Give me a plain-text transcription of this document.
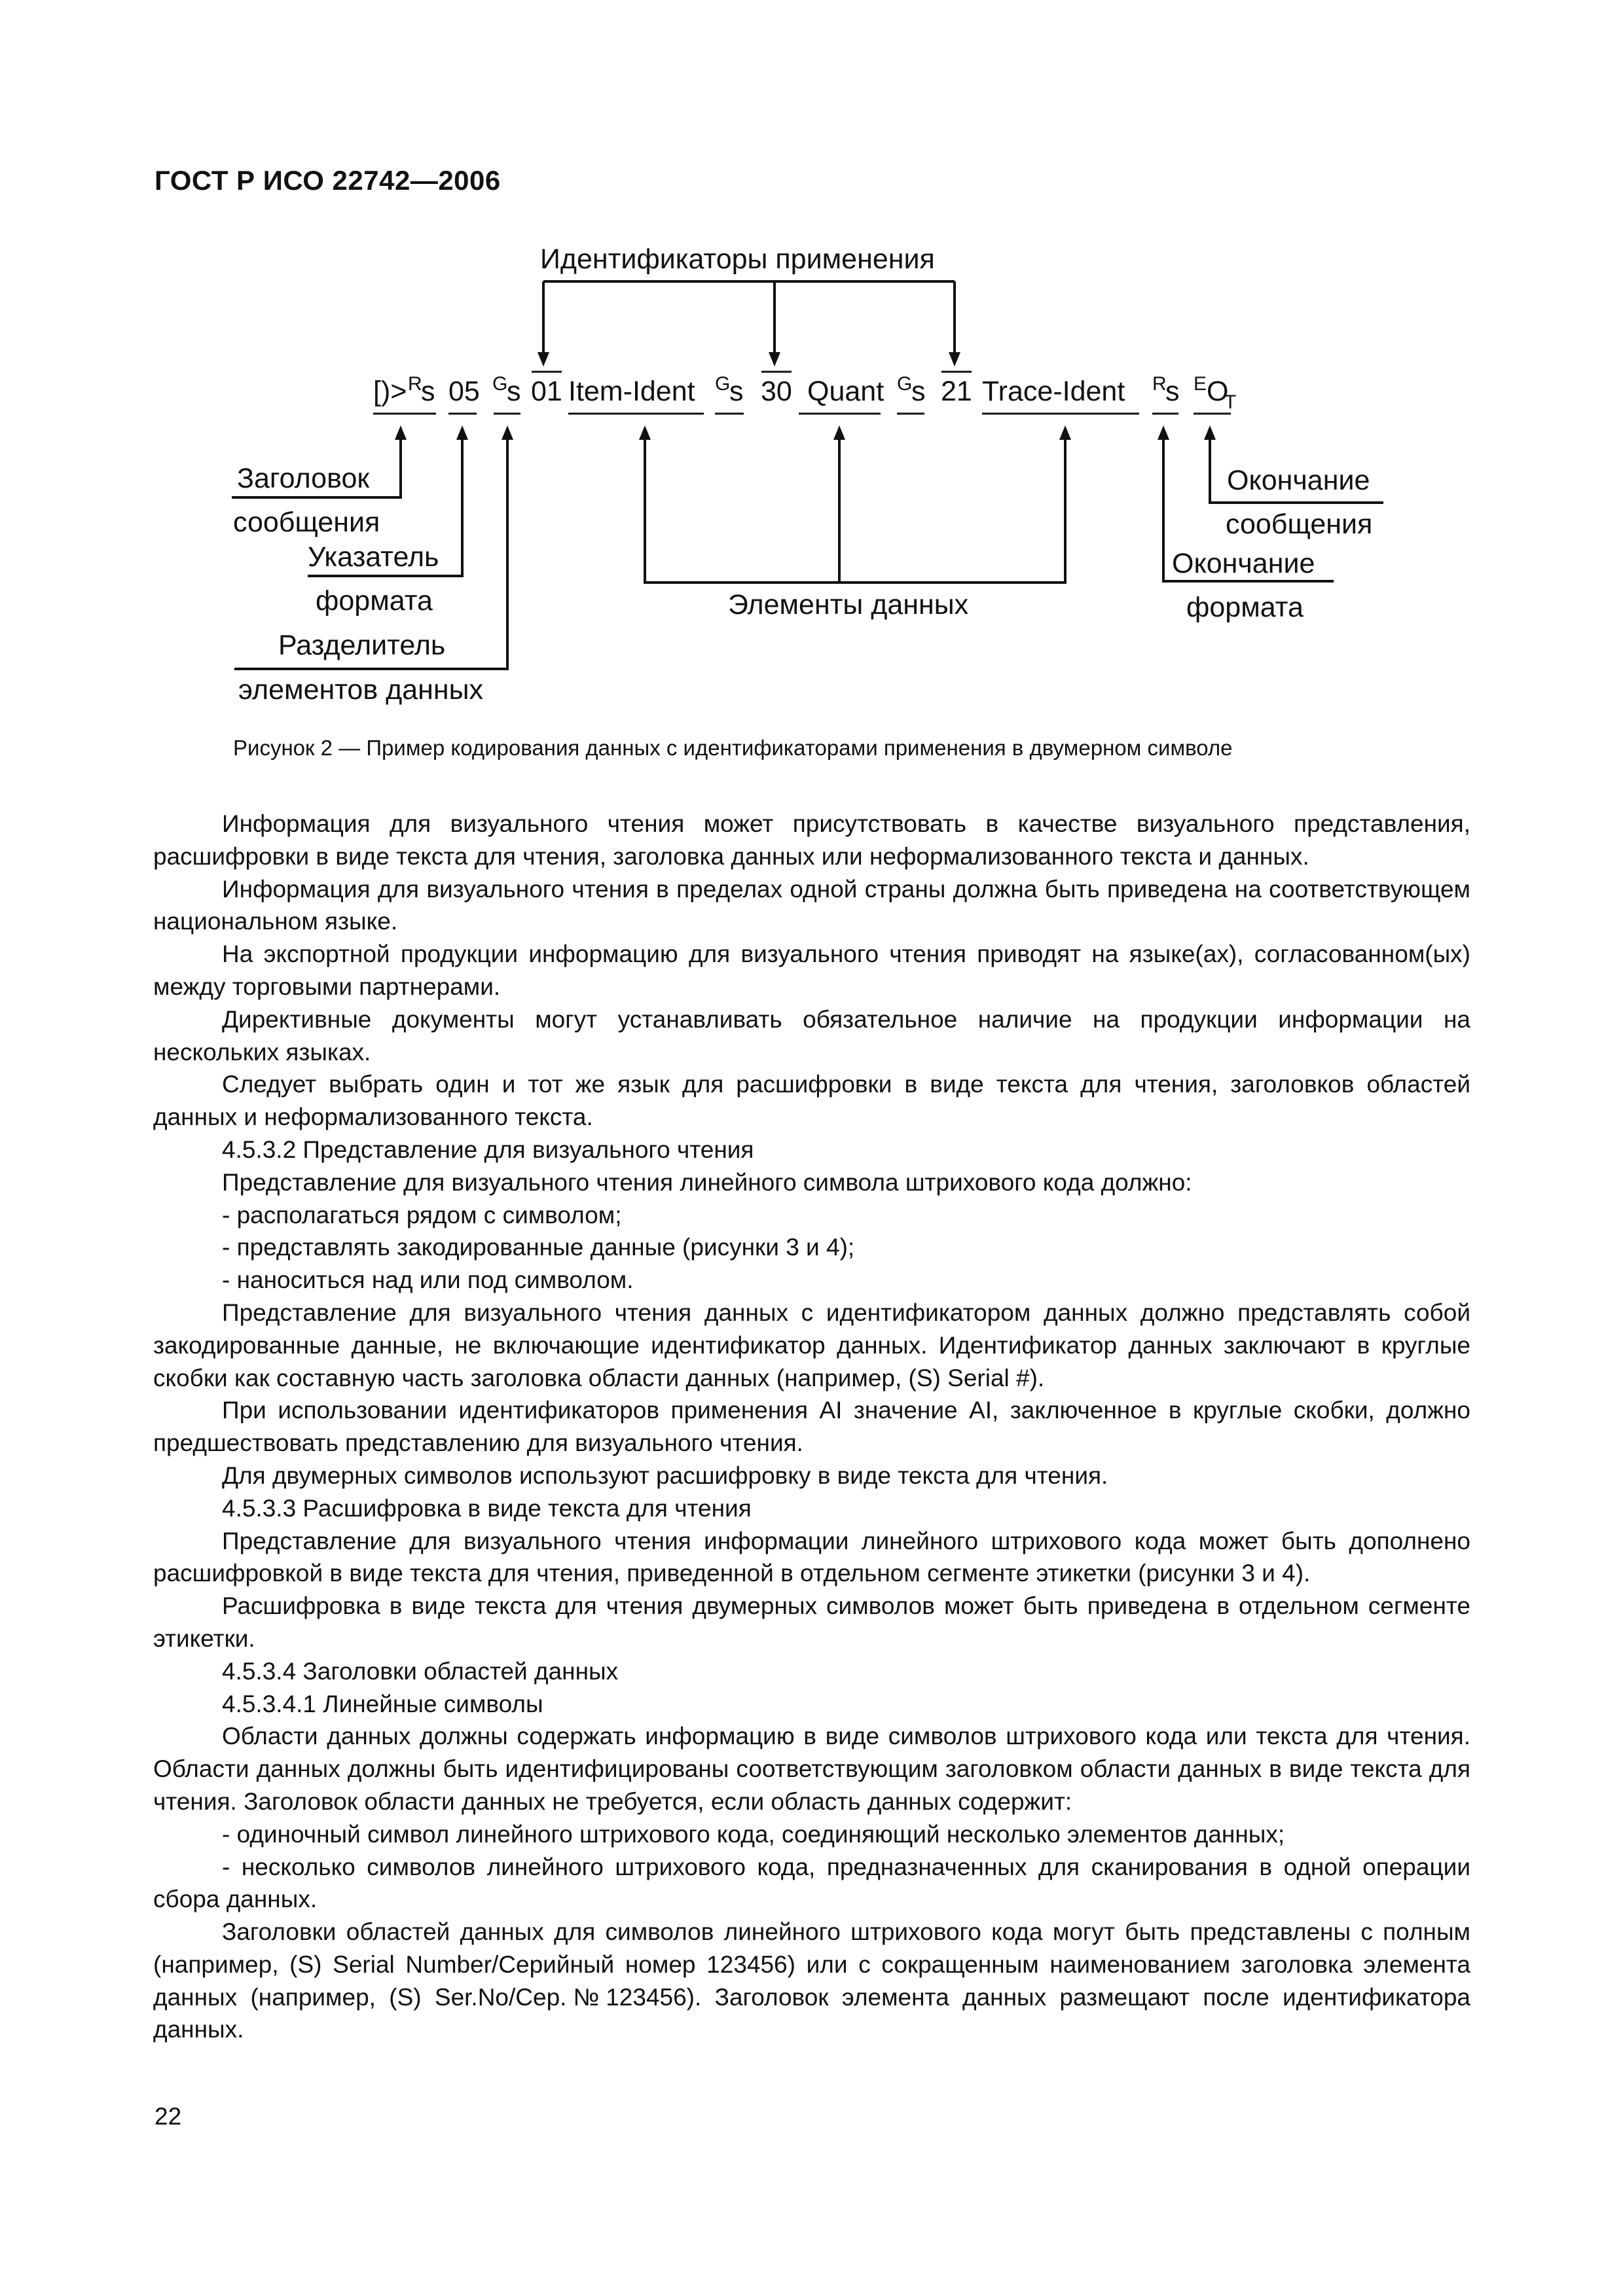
ГОСТ Р ИСО 22742—2006
Идентификаторы применения
[)> R
s 05 G
s 01 Item-Ident G
s 30 Quant G
s 21 Trace-Ident R
s E O
T
Заголовок
сообщения
Указатель
формата
Разделитель
элементов данных
Элементы данных
Окончание
сообщения
Окончание
формата
Рисунок 2 — Пример кодирования данных с идентификаторами применения в двумерном символе

Информация для визуального чтения может присутствовать в качестве визуального представления, расшифровки в виде текста для чтения, заголовка данных или неформализованного текста и данных.

Информация для визуального чтения в пределах одной страны должна быть приведена на соответствующем национальном языке.

На экспортной продукции информацию для визуального чтения приводят на языке(ах), согласованном(ых) между торговыми партнерами.

Директивные документы могут устанавливать обязательное наличие на продукции информации на нескольких языках.

Следует выбрать один и тот же язык для расшифровки в виде текста для чтения, заголовков областей данных и неформализованного текста.

4.5.3.2 Представление для визуального чтения

Представление для визуального чтения линейного символа штрихового кода должно:

- располагаться рядом с символом;

- представлять закодированные данные (рисунки 3 и 4);

- наноситься над или под символом.

Представление для визуального чтения данных с идентификатором данных должно представлять собой закодированные данные, не включающие идентификатор данных. Идентификатор данных заключают в круглые скобки как составную часть заголовка области данных (например, (S) Serial #).

При использовании идентификаторов применения AI значение AI, заключенное в круглые скобки, должно предшествовать представлению для визуального чтения.

Для двумерных символов используют расшифровку в виде текста для чтения.

4.5.3.3 Расшифровка в виде текста для чтения

Представление для визуального чтения информации линейного штрихового кода может быть дополнено расшифровкой в виде текста для чтения, приведенной в отдельном сегменте этикетки (рисунки 3 и 4).

Расшифровка в виде текста для чтения двумерных символов может быть приведена в отдельном сегменте этикетки.

4.5.3.4 Заголовки областей данных

4.5.3.4.1 Линейные символы

Области данных должны содержать информацию в виде символов штрихового кода или текста для чтения. Области данных должны быть идентифицированы соответствующим заголовком области данных в виде текста для чтения. Заголовок области данных не требуется, если область данных содержит:

- одиночный символ линейного штрихового кода, соединяющий несколько элементов данных;

- несколько символов линейного штрихового кода, предназначенных для сканирования в одной операции сбора данных.

Заголовки областей данных для символов линейного штрихового кода могут быть представлены с полным (например, (S) Serial Number/Серийный номер 123456) или с сокращенным наименованием заголовка элемента данных (например, (S) Ser.No/Сер.№123456). Заголовок элемента данных размещают после идентификатора данных.

22
